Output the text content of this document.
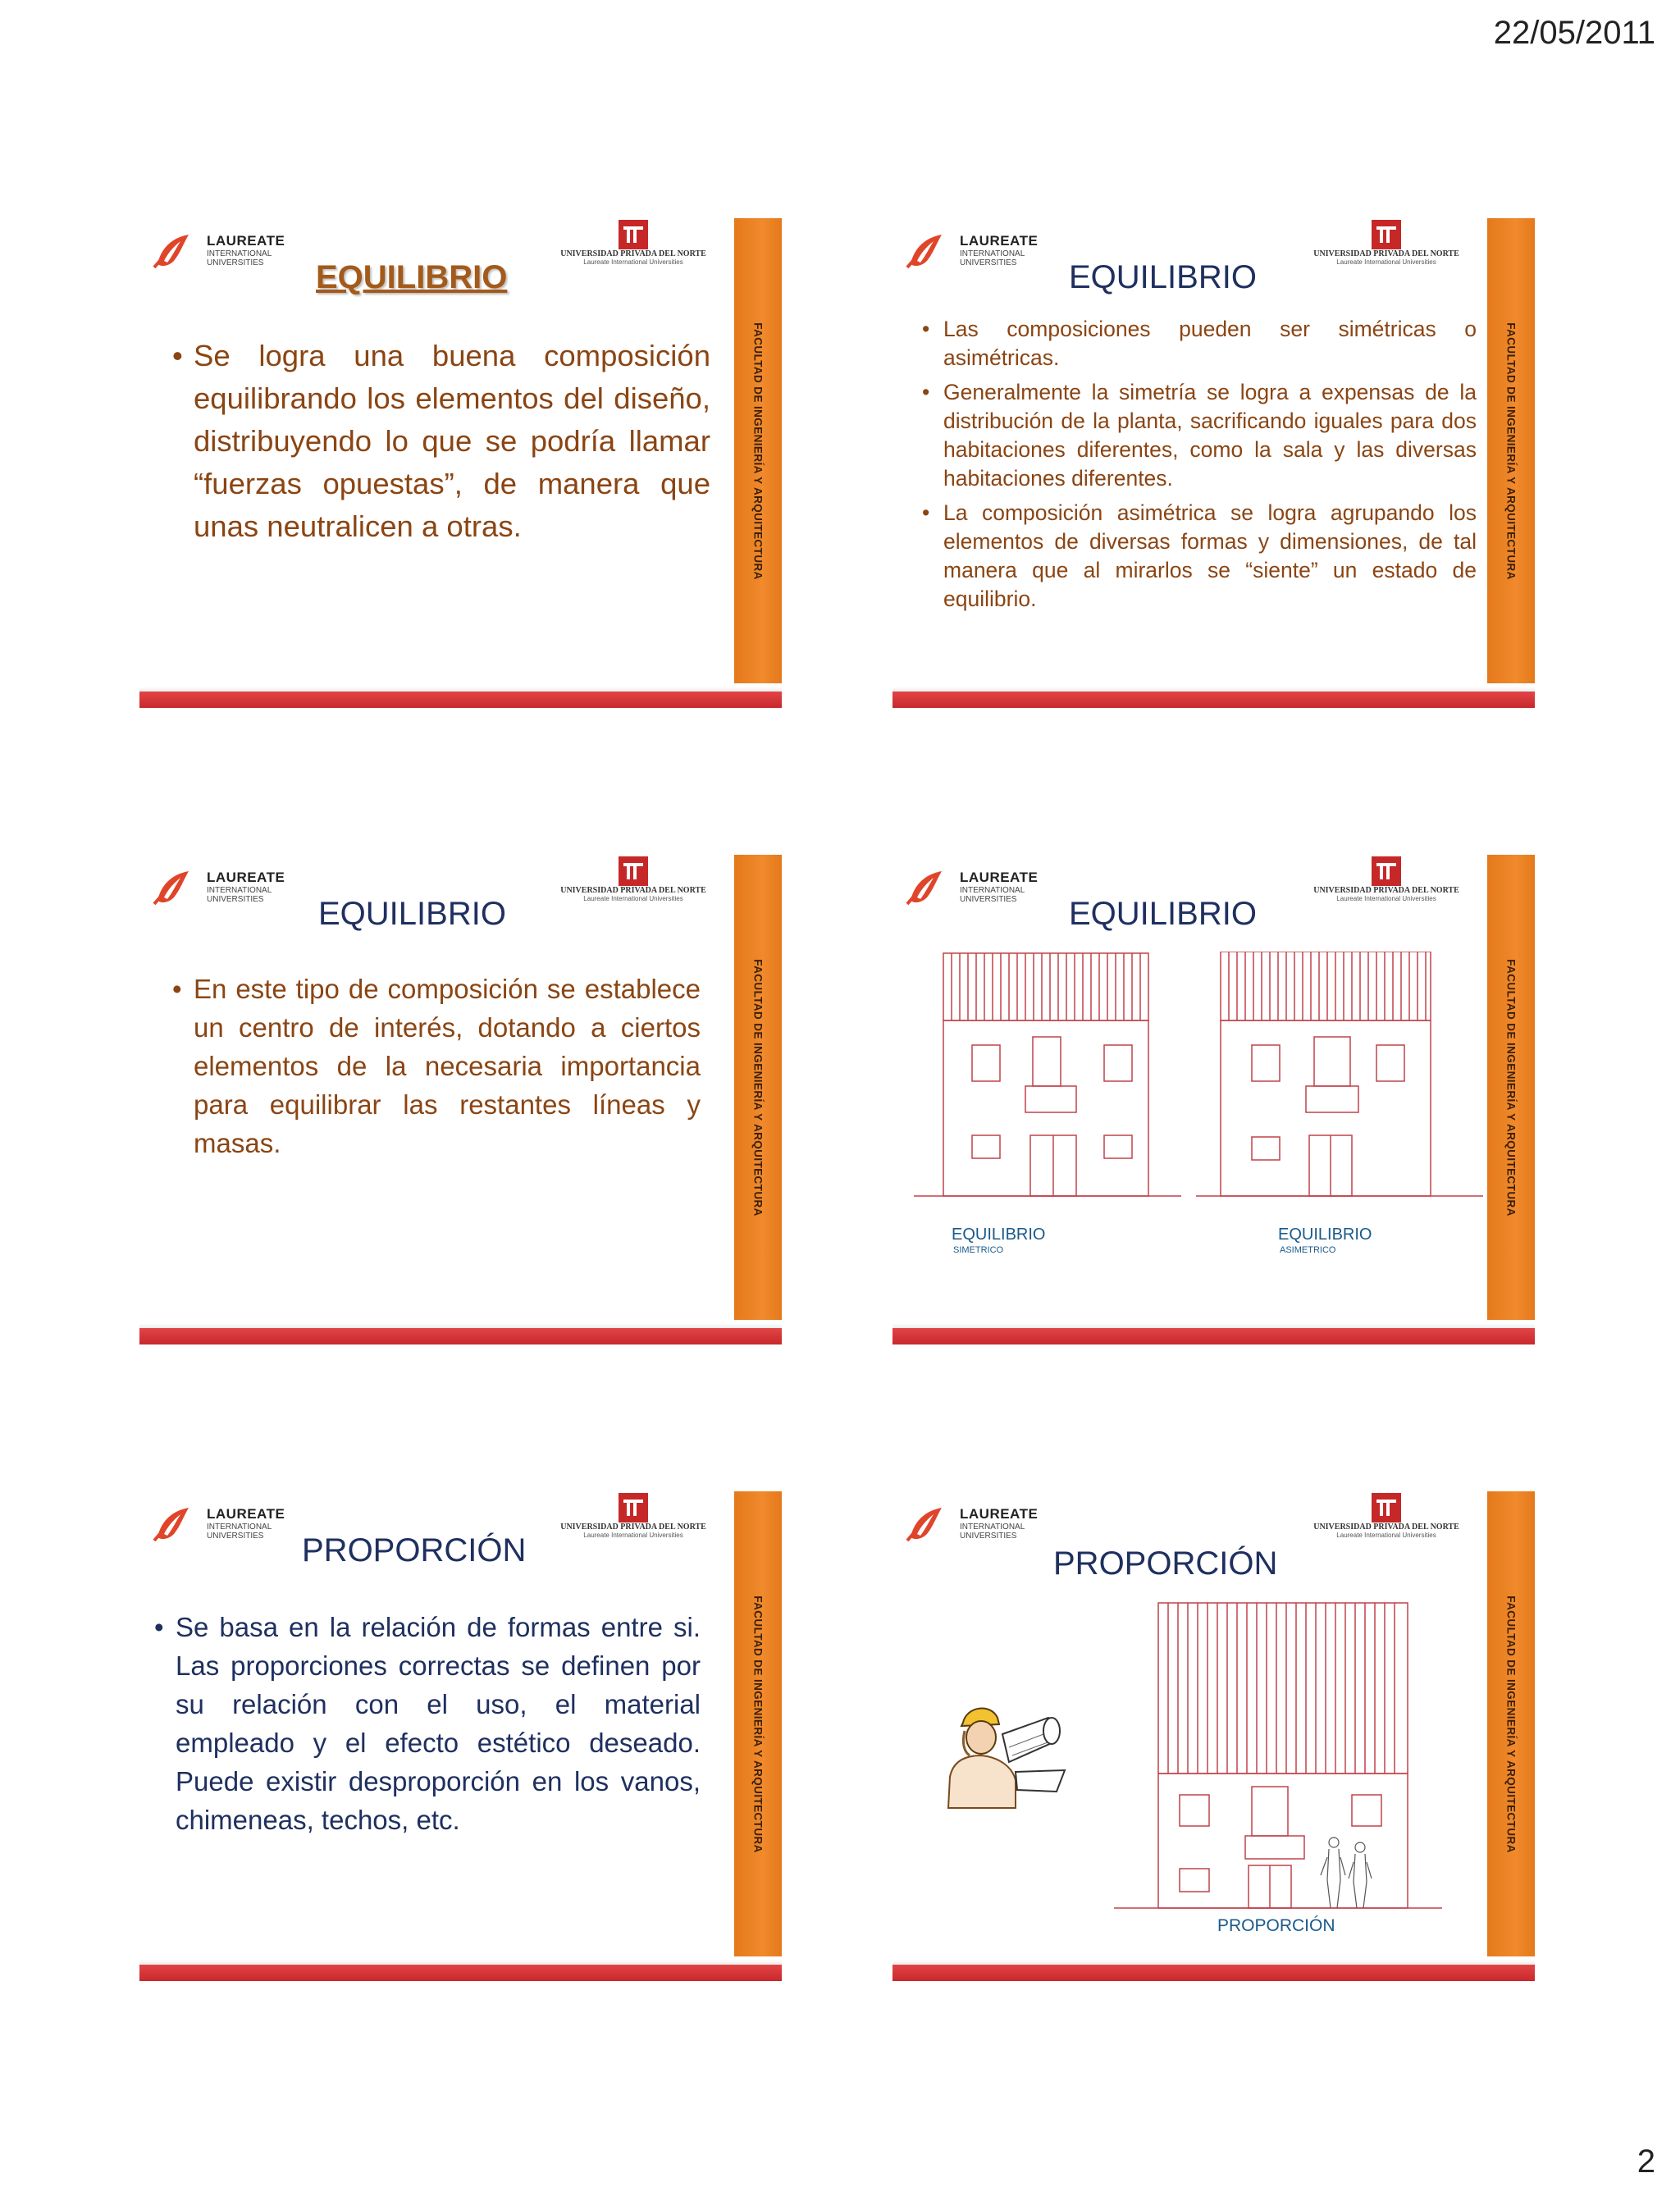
22/05/2011
LAUREATE
INTERNATIONAL
UNIVERSITIES
UNIVERSIDAD PRIVADA DEL NORTE
Laureate International Universities
FACULTAD DE INGENIERÍA Y ARQUITECTURA
EQUILIBRIO
• Se logra una buena composición equilibrando los elementos del diseño, distribuyendo lo que se podría llamar “fuerzas opuestas”, de manera que unas neutralicen a otras.
LAUREATE
INTERNATIONAL
UNIVERSITIES
UNIVERSIDAD PRIVADA DEL NORTE
Laureate International Universities
FACULTAD DE INGENIERÍA Y ARQUITECTURA
EQUILIBRIO
• Las composiciones pueden ser simétricas o asimétricas.
• Generalmente la simetría se logra a expensas de la distribución de la planta, sacrificando iguales para dos habitaciones diferentes, como la sala y las diversas habitaciones diferentes.
• La composición asimétrica se logra agrupando los elementos de diversas formas y dimensiones, de tal manera que al mirarlos se “siente” un estado de equilibrio.
LAUREATE
INTERNATIONAL
UNIVERSITIES
UNIVERSIDAD PRIVADA DEL NORTE
Laureate International Universities
FACULTAD DE INGENIERÍA Y ARQUITECTURA
EQUILIBRIO
• En este tipo de composición se establece un centro de interés, dotando a ciertos elementos de la necesaria importancia para equilibrar las restantes líneas y masas.
LAUREATE
INTERNATIONAL
UNIVERSITIES
UNIVERSIDAD PRIVADA DEL NORTE
Laureate International Universities
FACULTAD DE INGENIERÍA Y ARQUITECTURA
EQUILIBRIO
EQUILIBRIO
SIMETRICO
EQUILIBRIO
ASIMETRICO
LAUREATE
INTERNATIONAL
UNIVERSITIES
UNIVERSIDAD PRIVADA DEL NORTE
Laureate International Universities
FACULTAD DE INGENIERÍA Y ARQUITECTURA
PROPORCIÓN
• Se basa en la relación de formas entre si. Las proporciones correctas se definen por su relación con el uso, el material empleado y el efecto estético deseado. Puede existir desproporción en los vanos, chimeneas, techos, etc.
LAUREATE
INTERNATIONAL
UNIVERSITIES
UNIVERSIDAD PRIVADA DEL NORTE
Laureate International Universities
FACULTAD DE INGENIERÍA Y ARQUITECTURA
PROPORCIÓN
PROPORCIÓN
2
